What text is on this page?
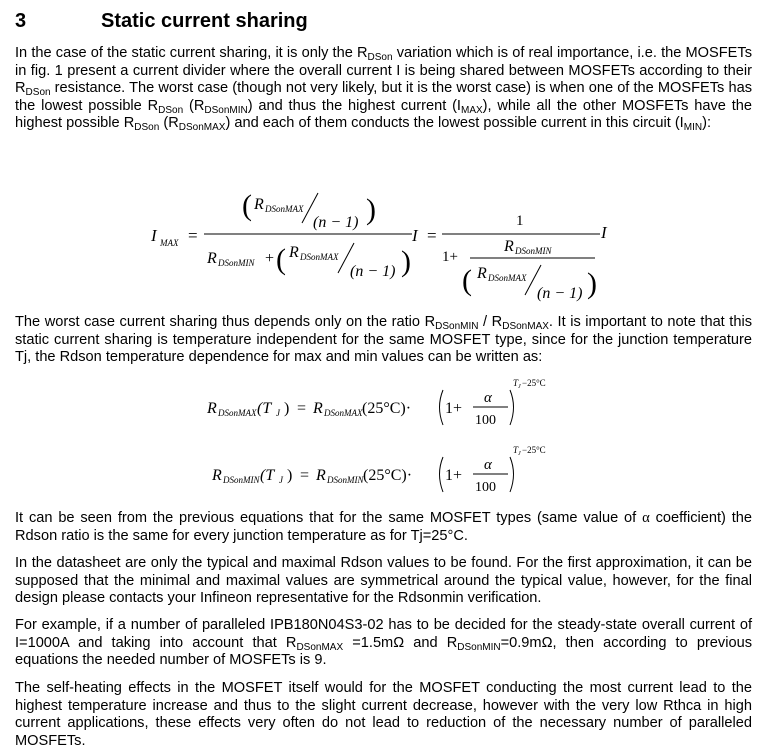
3	Static current sharing

In the case of the static current sharing, it is only the $R_{DSon}$ variation which is of real importance, i.e. the MOSFETs in fig. 1 present a current divider where the overall current I is being shared between MOSFETs according to their $R_{DSon}$ resistance. The worst case (though not very likely, but it is the worst case) is when one of the MOSFETs has the lowest possible $R_{DSon}$ $(R_{DSonMIN})$ and thus the highest current $(I_{MAX})$, while all the other MOSFETs have the highest possible $R_{DSon}$ $(R_{DSonMAX})$ and each of them conducts the lowest possible current in this circuit $(I_{MIN})$:

I MAX =
( R DSonMAX
(n − 1) )
R DSonMIN + ( R DSonMAX
(n − 1) )
I =
1
1+
R DSonMIN
( R DSonMAX
(n − 1) )
I

The worst case current sharing thus depends only on the ratio $R_{DSonMIN} / R_{DSonMAX}$. It is important to note that this static current sharing is temperature independent for the same MOSFET type, since for the junction temperature Tj, the Rdson temperature dependence for max and min values can be written as:

R DSonMAX (T J ) = R DSonMAX (25°C)· 1+
α
100
T J −25°C
R DSonMIN (T J ) = R DSonMIN (25°C)· 1+
α
100
T J −25°C

It can be seen from the previous equations that for the same MOSFET types (same value of α coefficient) the Rdson ratio is the same for every junction temperature as for Tj=25°C.

In the datasheet are only the typical and maximal Rdson values to be found. For the first approximation, it can be supposed that the minimal and maximal values are symmetrical around the typical value, however, for the final design please contacts your Infineon representative for the Rdsonmin verification.

For example, if a number of paralleled IPB180N04S3-02 has to be decided for the steady-state overall current of I=1000A and taking into account that $R_{DSonMAX} =1.5m\Omega$ and $R_{DSonMIN}=0.9m\Omega$, then according to previous equations the needed number of MOSFETs is 9.

The self-heating effects in the MOSFET itself would for the MOSFET conducting the most current lead to the highest temperature increase and thus to the slight current decrease, however with the very low Rthca in high current applications, these effects very often do not lead to reduction of the necessary number of paralleled MOSFETs.
